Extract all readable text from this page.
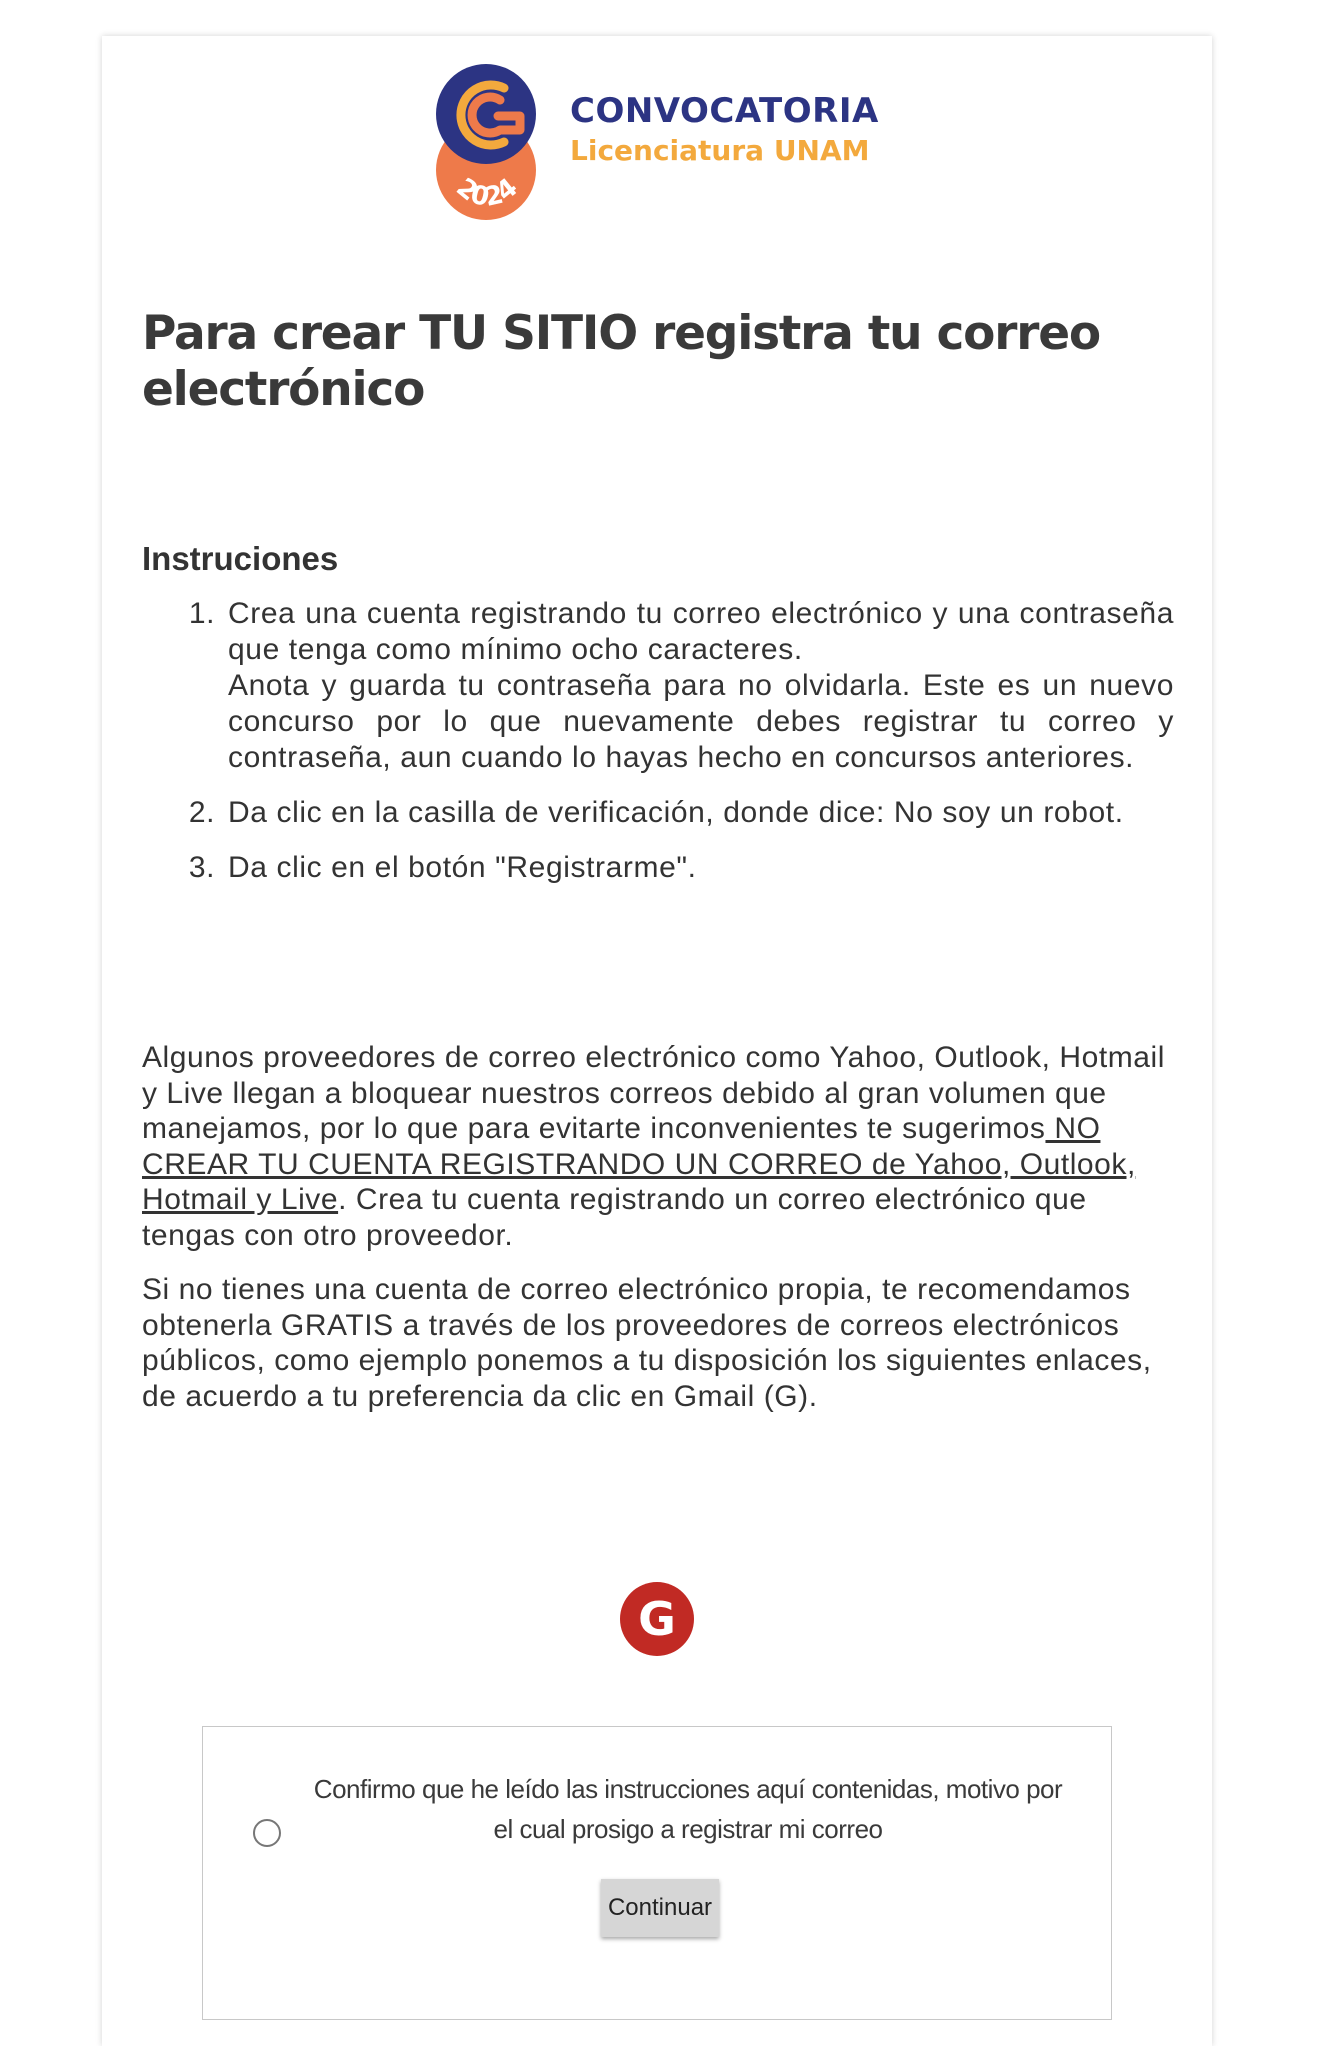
2024
CONVOCATORIA
Licenciatura UNAM
Para crear TU SITIO registra tu correo electrónico
Instruciones
1. Crea una cuenta registrando tu correo electrónico y una contraseña que tenga como mínimo ocho caracteres.
Anota y guarda tu contraseña para no olvidarla. Este es un nuevo concurso por lo que nuevamente debes registrar tu correo y contraseña, aun cuando lo hayas hecho en concursos anteriores.
2. Da clic en la casilla de verificación, donde dice: No soy un robot.
3. Da clic en el botón "Registrarme".

Algunos proveedores de correo electrónico como Yahoo, Outlook, Hotmail y Live llegan a bloquear nuestros correos debido al gran volumen que manejamos, por lo que para evitarte inconvenientes te sugerimos NO CREAR TU CUENTA REGISTRANDO UN CORREO de Yahoo, Outlook, Hotmail y Live. Crea tu cuenta registrando un correo electrónico que tengas con otro proveedor.

Si no tienes una cuenta de correo electrónico propia, te recomendamos obtenerla GRATIS a través de los proveedores de correos electrónicos públicos, como ejemplo ponemos a tu disposición los siguientes enlaces, de acuerdo a tu preferencia da clic en Gmail (G).

G
Confirmo que he leído las instrucciones aquí contenidas, motivo por el cual prosigo a registrar mi correo
Continuar
